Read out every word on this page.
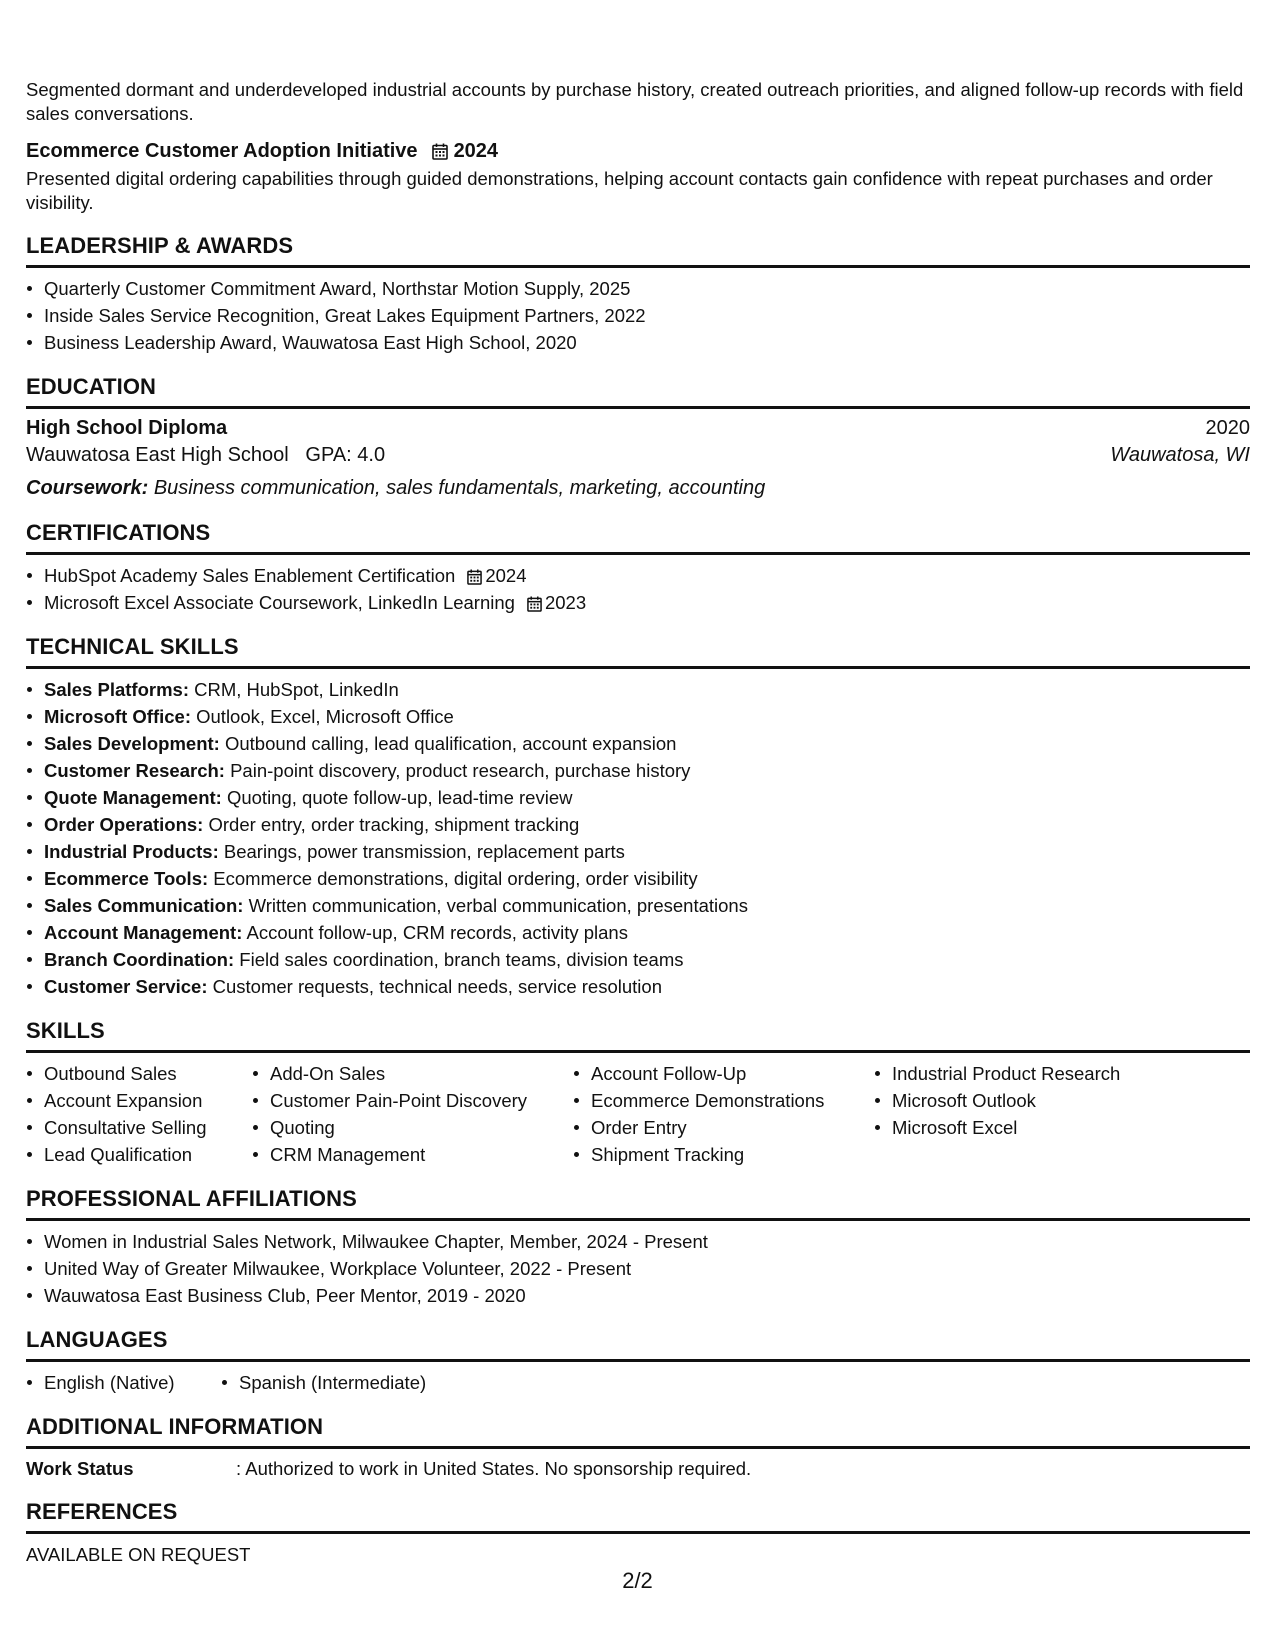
Segmented dormant and underdeveloped industrial accounts by purchase history, created outreach priorities, and aligned follow-up records with field sales conversations.

Ecommerce Customer Adoption Initiative 2024

Presented digital ordering capabilities through guided demonstrations, helping account contacts gain confidence with repeat purchases and order visibility.

LEADERSHIP & AWARDS
Quarterly Customer Commitment Award, Northstar Motion Supply, 2025
Inside Sales Service Recognition, Great Lakes Equipment Partners, 2022
Business Leadership Award, Wauwatosa East High School, 2020
EDUCATION
High School Diploma	2020
Wauwatosa East High School GPA: 4.0	Wauwatosa, WI
Coursework: Business communication, sales fundamentals, marketing, accounting
CERTIFICATIONS
HubSpot Academy Sales Enablement Certification 2024
Microsoft Excel Associate Coursework, LinkedIn Learning 2023
TECHNICAL SKILLS
Sales Platforms: CRM, HubSpot, LinkedIn
Microsoft Office: Outlook, Excel, Microsoft Office
Sales Development: Outbound calling, lead qualification, account expansion
Customer Research: Pain-point discovery, product research, purchase history
Quote Management: Quoting, quote follow-up, lead-time review
Order Operations: Order entry, order tracking, shipment tracking
Industrial Products: Bearings, power transmission, replacement parts
Ecommerce Tools: Ecommerce demonstrations, digital ordering, order visibility
Sales Communication: Written communication, verbal communication, presentations
Account Management: Account follow-up, CRM records, activity plans
Branch Coordination: Field sales coordination, branch teams, division teams
Customer Service: Customer requests, technical needs, service resolution
SKILLS
Outbound Sales
Account Expansion
Consultative Selling
Lead Qualification
Add-On Sales
Customer Pain-Point Discovery
Quoting
CRM Management
Account Follow-Up
Ecommerce Demonstrations
Order Entry
Shipment Tracking
Industrial Product Research
Microsoft Outlook
Microsoft Excel
PROFESSIONAL AFFILIATIONS
Women in Industrial Sales Network, Milwaukee Chapter, Member, 2024 - Present
United Way of Greater Milwaukee, Workplace Volunteer, 2022 - Present
Wauwatosa East Business Club, Peer Mentor, 2019 - 2020
LANGUAGES
English (Native)	Spanish (Intermediate)
ADDITIONAL INFORMATION
Work Status	: Authorized to work in United States. No sponsorship required.
REFERENCES
AVAILABLE ON REQUEST
2/2
